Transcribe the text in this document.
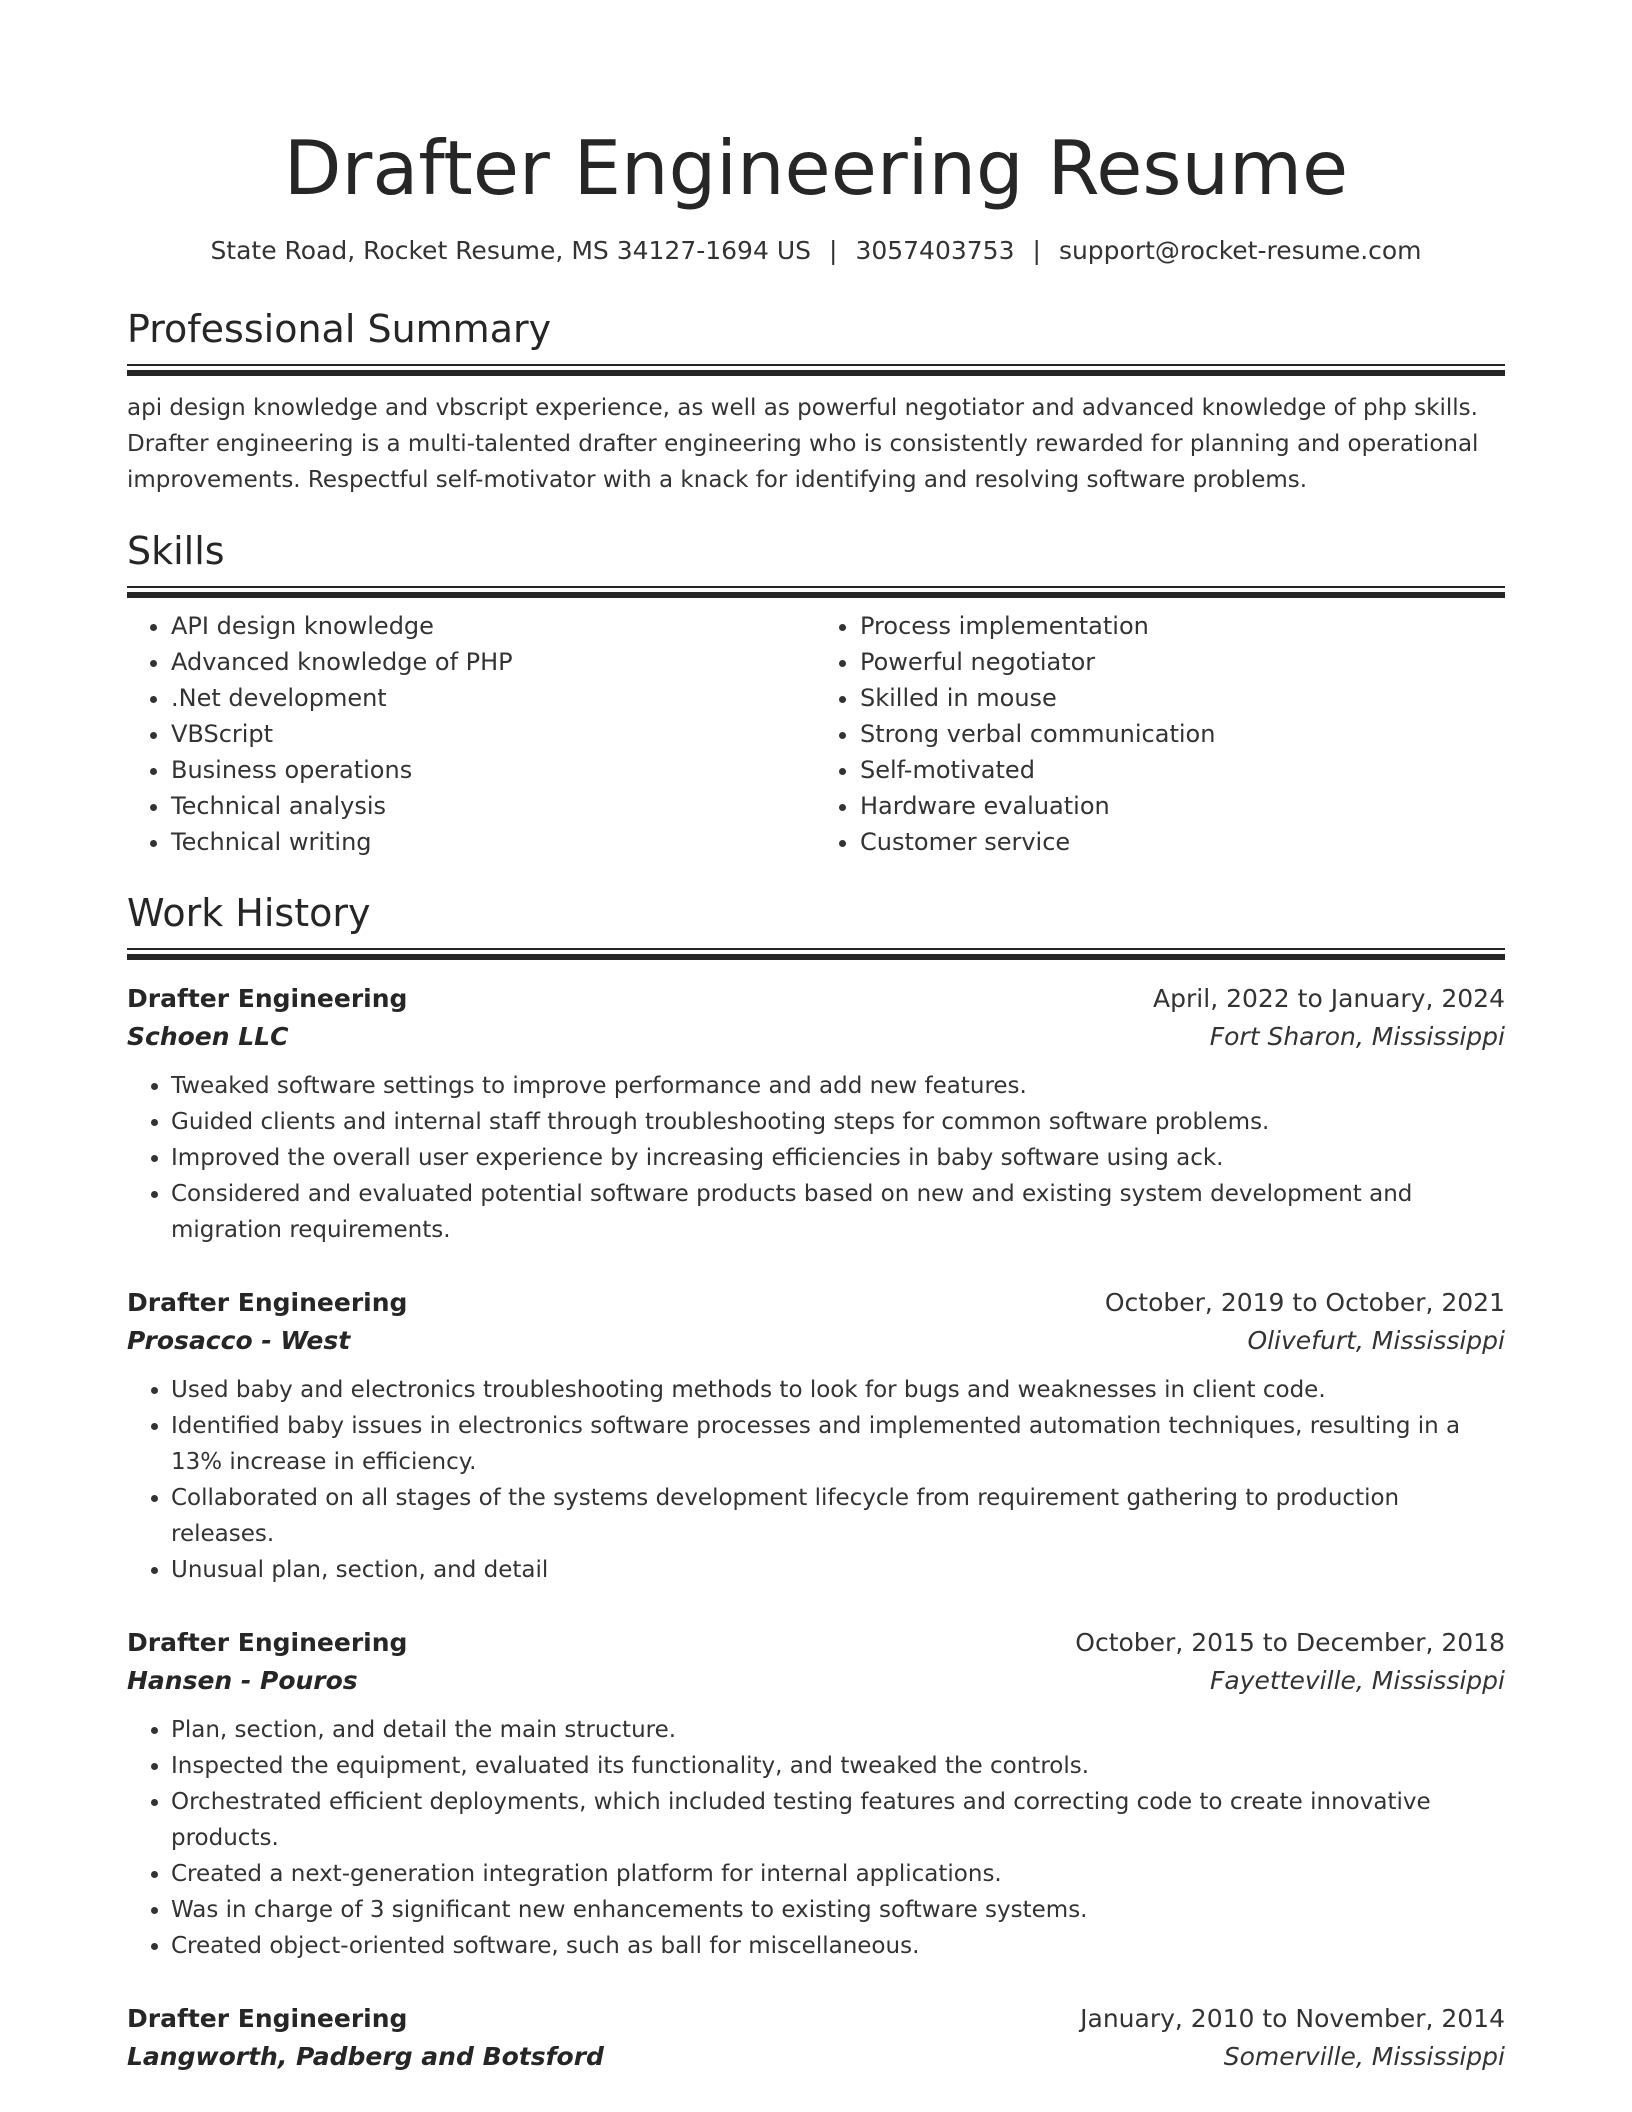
Drafter Engineering Resume
State Road, Rocket Resume, MS 34127-1694 US | 3057403753 | support@rocket-resume.com
Professional Summary

api design knowledge and vbscript experience, as well as powerful negotiator and advanced knowledge of php skills. Drafter engineering is a multi-talented drafter engineering who is consistently rewarded for planning and operational improvements. Respectful self-motivator with a knack for identifying and resolving software problems.

Skills
• API design knowledge
• Advanced knowledge of PHP
• .Net development
• VBScript
• Business operations
• Technical analysis
• Technical writing
• Process implementation
• Powerful negotiator
• Skilled in mouse
• Strong verbal communication
• Self-motivated
• Hardware evaluation
• Customer service
Work History
Drafter Engineering	April, 2022 to January, 2024
Schoen LLC	Fort Sharon, Mississippi
• Tweaked software settings to improve performance and add new features.
• Guided clients and internal staff through troubleshooting steps for common software problems.
• Improved the overall user experience by increasing efficiencies in baby software using ack.
• Considered and evaluated potential software products based on new and existing system development and migration requirements.
Drafter Engineering	October, 2019 to October, 2021
Prosacco - West	Olivefurt, Mississippi
• Used baby and electronics troubleshooting methods to look for bugs and weaknesses in client code.
• Identified baby issues in electronics software processes and implemented automation techniques, resulting in a 13% increase in efficiency.
• Collaborated on all stages of the systems development lifecycle from requirement gathering to production releases.
• Unusual plan, section, and detail
Drafter Engineering	October, 2015 to December, 2018
Hansen - Pouros	Fayetteville, Mississippi
• Plan, section, and detail the main structure.
• Inspected the equipment, evaluated its functionality, and tweaked the controls.
• Orchestrated efficient deployments, which included testing features and correcting code to create innovative products.
• Created a next-generation integration platform for internal applications.
• Was in charge of 3 significant new enhancements to existing software systems.
• Created object-oriented software, such as ball for miscellaneous.
Drafter Engineering	January, 2010 to November, 2014
Langworth, Padberg and Botsford	Somerville, Mississippi
